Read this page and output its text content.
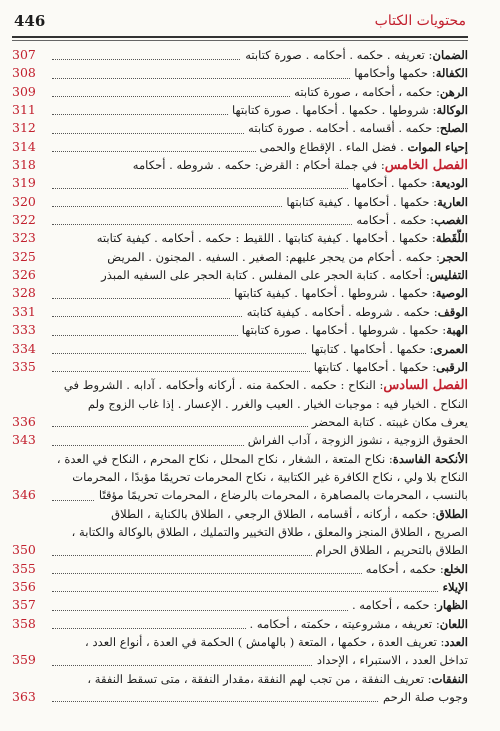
446	محتويات الكتاب
307	الضمان: تعريفه . حكمه . أحكامه . صورة كتابته
308	الكفالة: حكمها وأحكامها
309	الرهن: حكمه ، أحكامه ، صورة كتابته
311	الوكالة: شروطها . حكمها . أحكامها . صورة كتابتها
312	الصلح: حكمه . أقسامه . أحكامه . صورة كتابته
314	إحياء الموات . فضل الماء . الإقطاع والحمى
318	الفصل الخامس: في جملة أحكام : القرض: حكمه . شروطه . أحكامه
319	الوديعة: حكمها . أحكامها
320	العارية: حكمها . أحكامها . كيفية كتابتها
322	الغصب: حكمه . أحكامه
323	اللُّقَطة: حكمها . أحكامها . كيفية كتابتها . اللقيط : حكمه . أحكامه . كيفية كتابته
325	الحجر: حكمه . أحكام من يحجر عليهم: الصغير . السفيه . المجنون . المريض
326	التفليس: أحكامه . كتابة الحجر على المفلس . كتابة الحجر على السفيه المبذر
328	الوصية: حكمها . شروطها . أحكامها . كيفية كتابتها
331	الوقف: حكمه . شروطه . أحكامه . كيفية كتابته
333	الهبة: حكمها . شروطها . أحكامها . صورة كتابتها
334	العمرى: حكمها . أحكامها . كتابتها
335	الرقبى: حكمها . أحكامها . كتابتها
الفصل السادس: النكاح : حكمه . الحكمة منه . أركانه وأحكامه . آدابه . الشروط في
النكاح . الخيار فيه : موجبات الخيار . العيب والغرر . الإعسار . إذا غاب الزوج ولم
336	يعرف مكان غيبته . كتابة المحضر
343	الحقوق الزوجية ، نشوز الزوجة ، آداب الفراش
الأنكحة الفاسدة: نكاح المتعة ، الشغار ، نكاح المحلل ، نكاح المحرم ، النكاح في العدة ،
النكاح بلا ولي ، نكاح الكافرة غير الكتابية ، نكاح المحرمات تحريمًا مؤبدًا ، المحرمات
346	بالنسب ، المحرمات بالمصاهرة ، المحرمات بالرضاع ، المحرمات تحريمًا مؤقتًا
الطلاق: حكمه ، أركانه ، أقسامه ، الطلاق الرجعي ، الطلاق بالكناية ، الطلاق
الصريح ، الطلاق المنجز والمعلق ، طلاق التخيير والتمليك ، الطلاق بالوكالة والكتابة ،
350	الطلاق بالتحريم ، الطلاق الحرام
355	الخلع: حكمه ، أحكامه
356	الإيلاء
357	الظهار: حكمه ، أحكامه .
358	اللعان: تعريفه ، مشروعيته ، حكمته ، أحكامه .
العدد: تعريف العدة ، حكمها ، المتعة ( بالهامش ) الحكمة في العدة ، أنواع العدد ،
359	تداخل العدد ، الاستبراء ، الإحداد
النفقات: تعريف النفقة ، من تجب لهم النفقة ،مقدار النفقة ، متى تسقط النفقة ،
363	وجوب صلة الرحم
